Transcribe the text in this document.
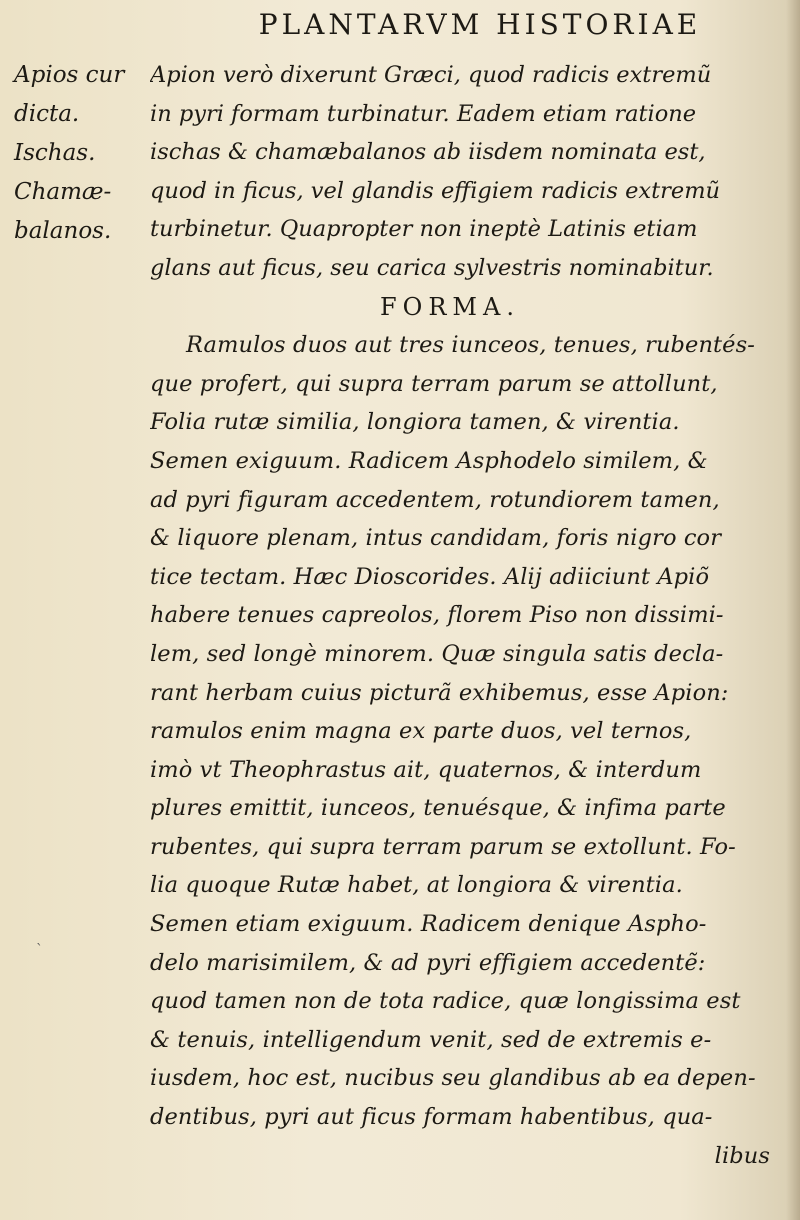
PLANTARVM HISTORIAE
Apios cur
dicta.
Ischas.
Chamæ-
balanos.
Apion verò dixerunt Græci, quod radicis extremũ
in pyri formam turbinatur. Eadem etiam ratione
ischas & chamæbalanos ab iisdem nominata est,
quod in ficus, vel glandis effigiem radicis extremũ
turbinetur. Quapropter non ineptè Latinis etiam
glans aut ficus, seu carica sylvestris nominabitur.
FORMA.
Ramulos duos aut tres iunceos, tenues, rubentés-
que profert, qui supra terram parum se attollunt,
Folia rutæ similia, longiora tamen, & virentia.
Semen exiguum. Radicem Asphodelo similem, &
ad pyri figuram accedentem, rotundiorem tamen,
& liquore plenam, intus candidam, foris nigro cor
tice tectam. Hæc Dioscorides. Alij adiiciunt Apiõ
habere tenues capreolos, florem Piso non dissimi-
lem, sed longè minorem. Quæ singula satis decla-
rant herbam cuius picturã exhibemus, esse Apion:
ramulos enim magna ex parte duos, vel ternos,
imò vt Theophrastus ait, quaternos, & interdum
plures emittit, iunceos, tenuésque, & infima parte
rubentes, qui supra terram parum se extollunt. Fo-
lia quoque Rutæ habet, at longiora & virentia.
Semen etiam exiguum. Radicem denique Aspho-
delo marisimilem, & ad pyri effigiem accedentẽ:
quod tamen non de tota radice, quæ longissima est
& tenuis, intelligendum venit, sed de extremis e-
iusdem, hoc est, nucibus seu glandibus ab ea depen-
dentibus, pyri aut ficus formam habentibus, qua-
libus
ˋ
